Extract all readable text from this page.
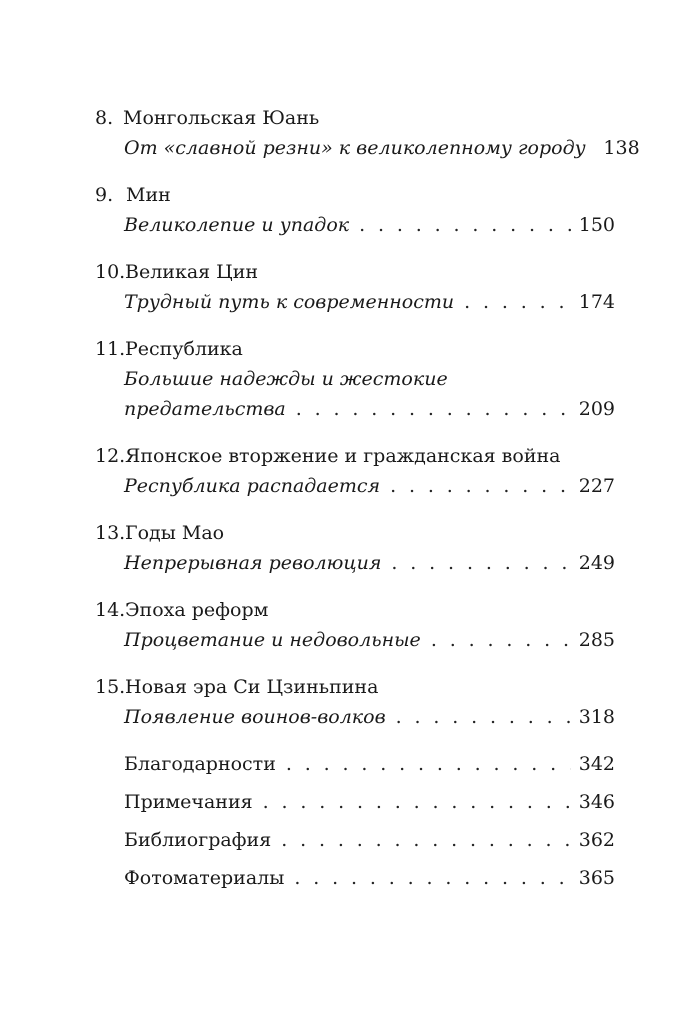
8. Монгольская Юань
От «славной резни» к великолепному городу 138
9. Мин
Великолепие и упадок . . .	150
10.Великая Цин
Трудный путь к современности . . .	174
11.Республика
Большие надежды и жестокие
предательства . . .	209
12.Японское вторжение и гражданская война
Республика распадается . . .	227
13.Годы Мао
Непрерывная революция . . .	249
14.Эпоха реформ
Процветание и недовольные . . .	285
15.Новая эра Си Цзиньпина
Появление воинов-волков . . .	318
Благодарности . . .	342
Примечания . . .	346
Библиография . . .	362
Фотоматериалы . . .	365
